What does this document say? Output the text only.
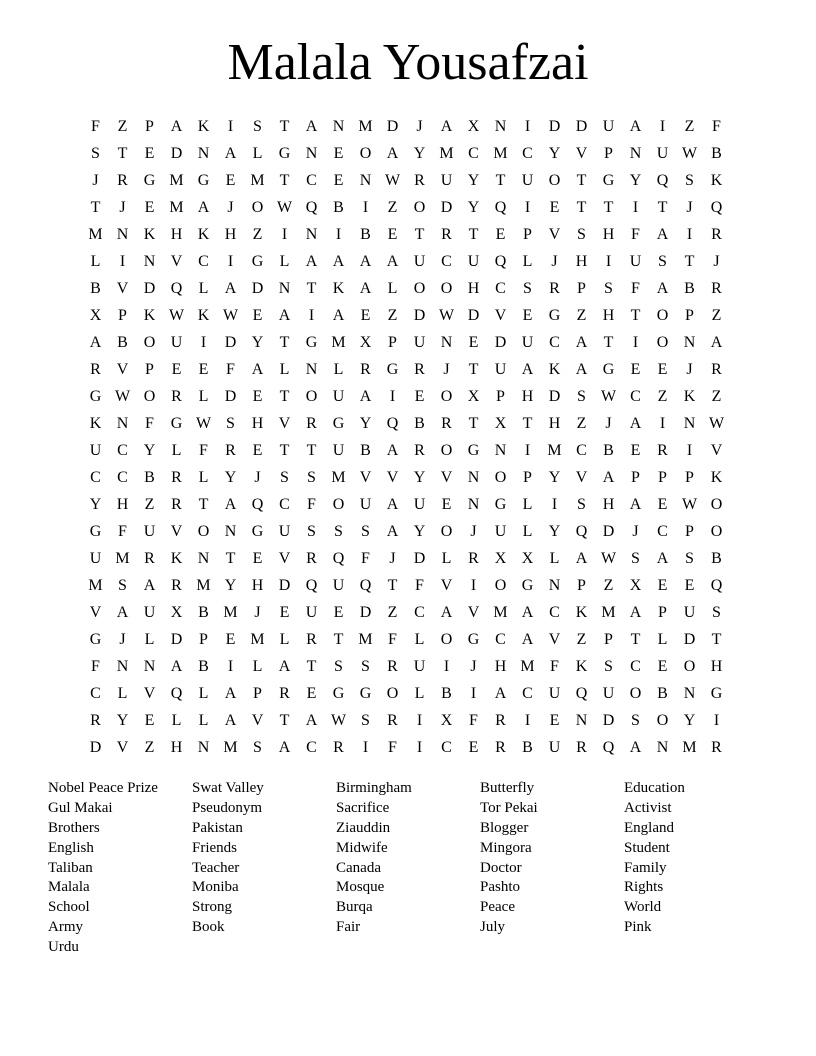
Malala Yousafzai
F	Z	P	A K	I	S	T	A N M D	J	A X N	I	D D U A	I	Z	F
S	T	E	D N A	L	G N	E	O A Y M C M C Y V	P	N U W B
J	R G M G	E M T	C	E	N W R U Y	T	U O	T	G Y Q	S	K
T	J	E M A	J	O W Q B	I	Z	O D Y Q	I	E	T	T	I	T	J	Q
M N K H K H	Z	I	N	I	B	E	T	R	T	E	P	V	S	H	F	A	I	R
L	I	N V C	I	G	L	A A A A U C U Q	L	J	H	I	U	S	T	J
B V D Q	L	A D N	T	K A	L	O O H C	S	R	P	S	F	A B	R
X	P	K W K W E	A	I	A	E	Z	D W D V	E	G	Z	H	T	O	P	Z
A B O U	I	D Y	T	G M X	P	U N	E	D U C A	T	I	O N A
R V	P	E	E	F	A	L	N	L	R G R	J	T	U A K A G	E	E	J	R
G W O R	L	D	E	T	O U A	I	E	O X	P	H D	S W C	Z	K	Z
K N	F	G W S	H V R G Y Q B	R	T	X	T	H	Z	J	A	I	N W
U C Y	L	F	R	E	T	T	U B A R O G N	I	M C	B	E	R	I	V
C	C	B	R	L	Y	J	S	S M V V Y V N O	P	Y V A	P	P	P	K
Y H	Z	R	T	A Q C	F	O U A U	E	N G	L	I	S	H A	E W O
G	F	U V O N G U	S	S	S	A Y O	J	U	L	Y Q D	J	C	P	O
U M R K N	T	E	V R Q	F	J	D	L	R X X	L	A W S	A	S	B
M S	A R M Y H D Q U Q	T	F	V	I	O G N	P	Z	X	E	E	Q
V A U X B M	J	E	U	E	D	Z	C A V M A C K M A	P	U	S
G	J	L	D	P	E M L	R	T M F	L	O G C A V	Z	P	T	L	D	T
F	N N A B	I	L	A	T	S	S	R U	I	J	H M F	K	S	C	E	O H
C	L	V Q	L	A	P	R	E	G G O	L	B	I	A C U Q U O B N G
R Y	E	L	L	A V	T	A W S	R	I	X	F	R	I	E	N D	S	O Y	I
D V	Z	H N M S	A C	R	I	F	I	C	E	R	B U R Q A N M R
Nobel Peace Prize
Gul Makai
Brothers
English
Taliban
Malala
School
Army
Urdu
Swat Valley
Pseudonym
Pakistan
Friends
Teacher
Moniba
Strong
Book
Birmingham
Sacrifice
Ziauddin
Midwife
Canada
Mosque
Burqa
Fair
Butterfly
Tor Pekai
Blogger
Mingora
Doctor
Pashto
Peace
July
Education
Activist
England
Student
Family
Rights
World
Pink
